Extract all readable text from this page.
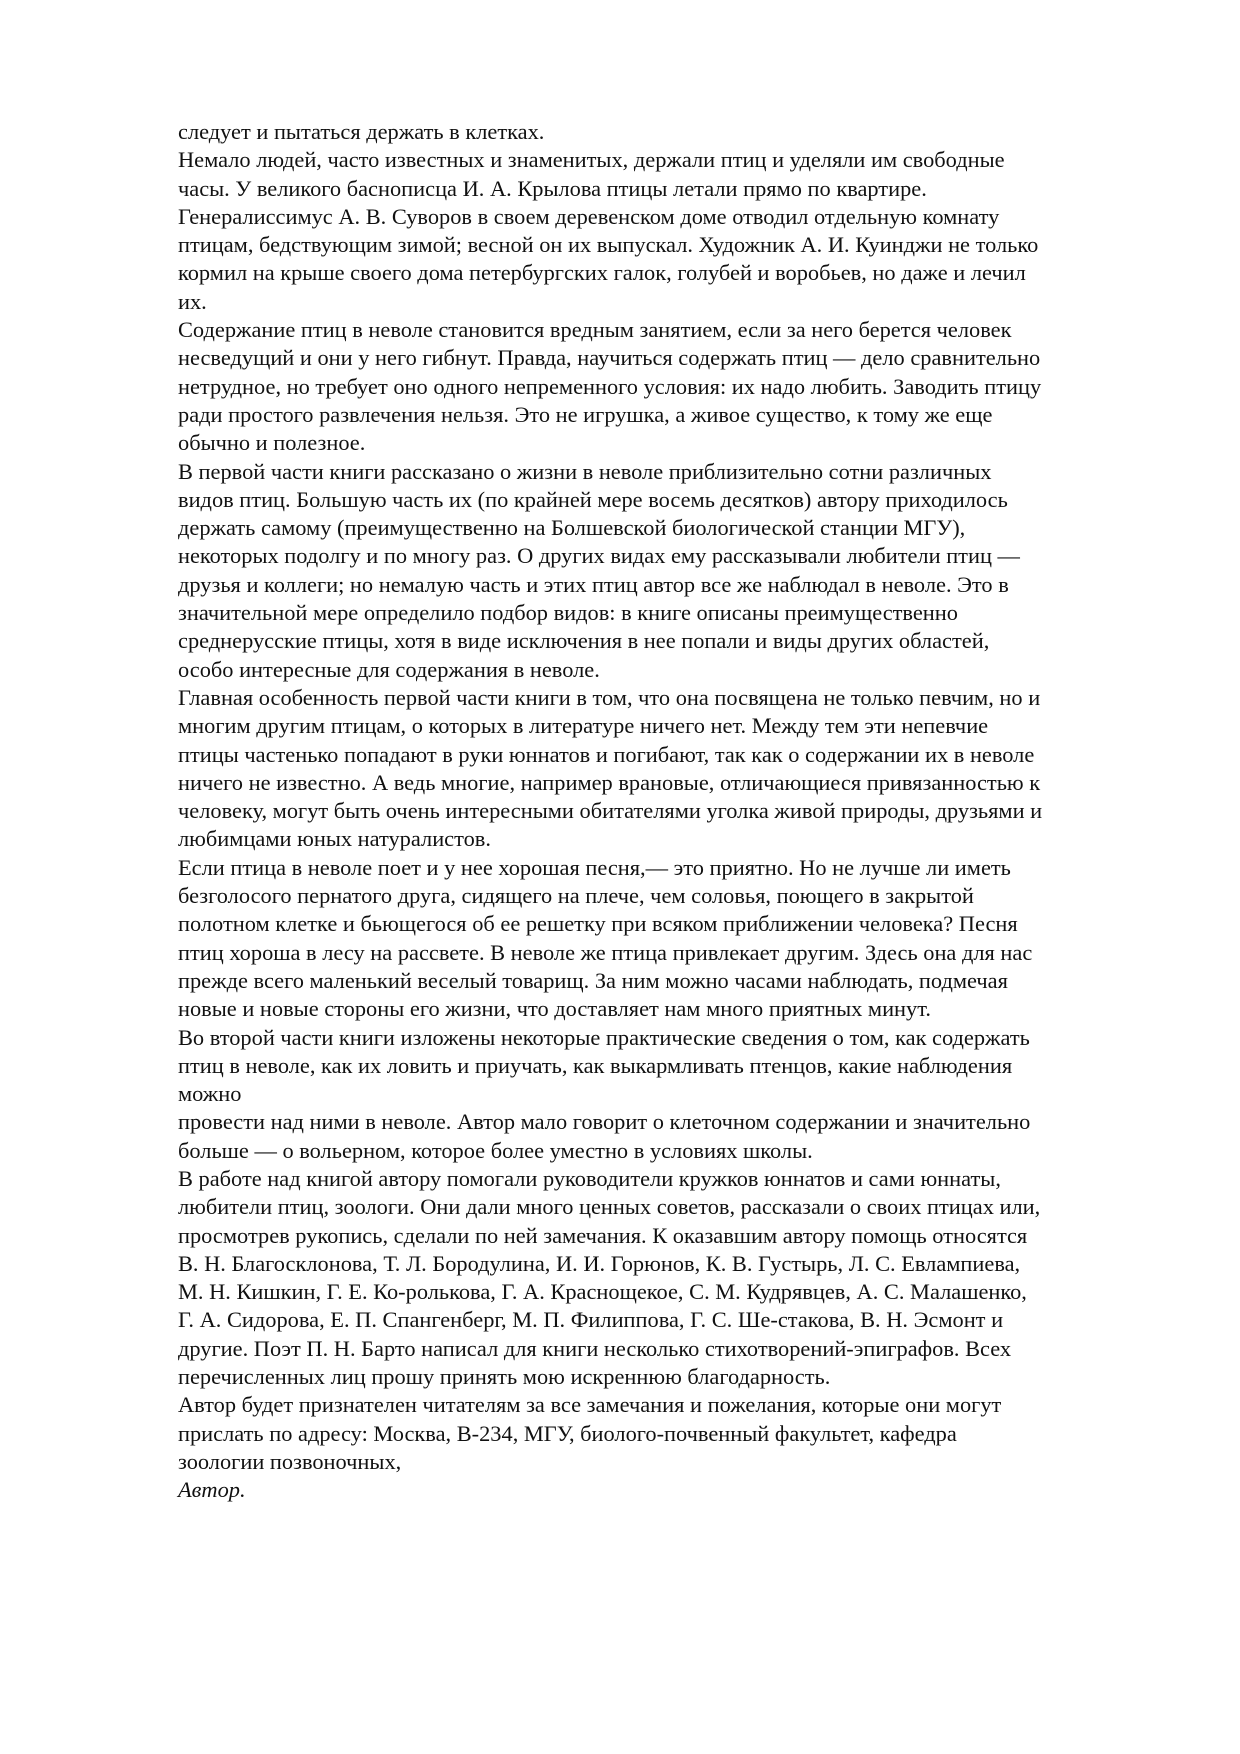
следует и пытаться держать в клетках.
Немало людей, часто известных и знаменитых, держали птиц и уделяли им свободные
часы. У великого баснописца И. А. Крылова птицы летали прямо по квартире.
Генералиссимус А. В. Суворов в своем деревенском доме отводил отдельную комнату
птицам, бедствующим зимой; весной он их выпускал. Художник А. И. Куинджи не только
кормил на крыше своего дома петербургских галок, голубей и воробьев, но даже и лечил
их.
Содержание птиц в неволе становится вредным занятием, если за него берется человек
несведущий и они у него гибнут. Правда, научиться содержать птиц — дело сравнительно
нетрудное, но требует оно одного непременного условия: их надо любить. Заводить птицу
ради простого развлечения нельзя. Это не игрушка, а живое существо, к тому же еще
обычно и полезное.
В первой части книги рассказано о жизни в неволе приблизительно сотни различных
видов птиц. Большую часть их (по крайней мере восемь десятков) автору приходилось
держать самому (преимущественно на Болшевской биологической станции МГУ),
некоторых подолгу и по многу раз. О других видах ему рассказывали любители птиц —
друзья и коллеги; но немалую часть и этих птиц автор все же наблюдал в неволе. Это в
значительной мере определило подбор видов: в книге описаны преимущественно
среднерусские птицы, хотя в виде исключения в нее попали и виды других областей,
особо интересные для содержания в неволе.
Главная особенность первой части книги в том, что она посвящена не только певчим, но и
многим другим птицам, о которых в литературе ничего нет. Между тем эти непевчие
птицы частенько попадают в руки юннатов и погибают, так как о содержании их в неволе
ничего не известно. А ведь многие, например врановые, отличающиеся привязанностью к
человеку, могут быть очень интересными обитателями уголка живой природы, друзьями и
любимцами юных натуралистов.
Если птица в неволе поет и у нее хорошая песня,— это приятно. Но не лучше ли иметь
безголосого пернатого друга, сидящего на плече, чем соловья, поющего в закрытой
полотном клетке и бьющегося об ее решетку при всяком приближении человека? Песня
птиц хороша в лесу на рассвете. В неволе же птица привлекает другим. Здесь она для нас
прежде всего маленький веселый товарищ. За ним можно часами наблюдать, подмечая
новые и новые стороны его жизни, что доставляет нам много приятных минут.
Во второй части книги изложены некоторые практические сведения о том, как содержать
птиц в неволе, как их ловить и приучать, как выкармливать птенцов, какие наблюдения
можно
провести над ними в неволе. Автор мало говорит о клеточном содержании и значительно
больше — о вольерном, которое более уместно в условиях школы.
В работе над книгой автору помогали руководители кружков юннатов и сами юннаты,
любители птиц, зоологи. Они дали много ценных советов, рассказали о своих птицах или,
просмотрев рукопись, сделали по ней замечания. К оказавшим автору помощь относятся
В. Н. Благосклонова, Т. Л. Бородулина, И. И. Горюнов, К. В. Густырь, Л. С. Евлампиева,
М. Н. Кишкин, Г. Е. Ко-ролькова, Г. А. Краснощекое, С. М. Кудрявцев, А. С. Малашенко,
Г. А. Сидорова, Е. П. Спангенберг, М. П. Филиппова, Г. С. Ше-стакова, В. Н. Эсмонт и
другие. Поэт П. Н. Барто написал для книги несколько стихотворений-эпиграфов. Всех
перечисленных лиц прошу принять мою искреннюю благодарность.
Автор будет признателен читателям за все замечания и пожелания, которые они могут
прислать по адресу: Москва, В-234, МГУ, биолого-почвенный факультет, кафедра
зоологии позвоночных,
Автор.
